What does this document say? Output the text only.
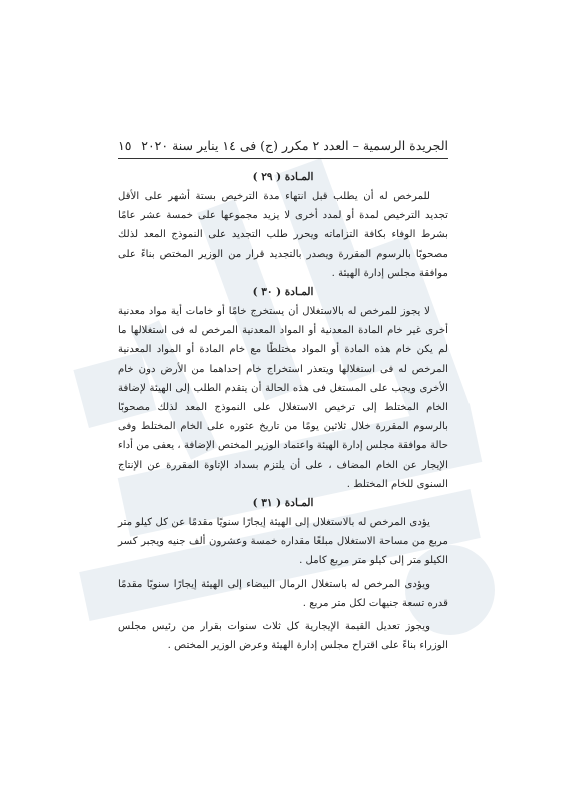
الجريدة الرسمية – العدد ٢ مكرر (ج) فى ١٤ يناير سنة ٢٠٢٠
١٥

المـادة ( ٢٩ )

للمرخص له أن يطلب قبل انتهاء مدة الترخيص بستة أشهر على الأقل تجديد الترخيص لمدة أو لمدد أخرى لا يزيد مجموعها على خمسة عشر عامًا بشرط الوفاء بكافة التزاماته ويحرر طلب التجديد على النموذج المعد لذلك مصحوبًا بالرسوم المقررة ويصدر بالتجديد قرار من الوزير المختص بناءً على موافقة مجلس إدارة الهيئة .

المـادة ( ٣٠ )

لا يجوز للمرخص له بالاستغلال أن يستخرج خامًا أو خامات أية مواد معدنية أخرى غير خام المادة المعدنية أو المواد المعدنية المرخص له فى استغلالها ما لم يكن خام هذه المادة أو المواد مختلطًا مع خام المادة أو المواد المعدنية المرخص له فى استغلالها ويتعذر استخراج خام إحداهما من الأرض دون خام الأخرى ويجب على المستغل فى هذه الحالة أن يتقدم الطلب إلى الهيئة لإضافة الخام المختلط إلى ترخيص الاستغلال على النموذج المعد لذلك مصحوبًا بالرسوم المقررة خلال ثلاثين يومًا من تاريخ عثوره على الخام المختلط وفى حالة موافقة مجلس إدارة الهيئة واعتماد الوزير المختص الإضافة ، يعفى من أداء الإيجار عن الخام المضاف ، على أن يلتزم بسداد الإتاوة المقررة عن الإنتاج السنوى للخام المختلط .

المـادة ( ٣١ )

يؤدى المرخص له بالاستغلال إلى الهيئة إيجارًا سنويًا مقدمًا عن كل كيلو متر مربع من مساحة الاستغلال مبلغًا مقداره خمسة وعشرون ألف جنيه ويجبر كسر الكيلو متر إلى كيلو متر مربع كامل .

ويؤدى المرخص له باستغلال الرمال البيضاء إلى الهيئة إيجارًا سنويًا مقدمًا قدره تسعة جنيهات لكل متر مربع .

ويجوز تعديل القيمة الإيجارية كل ثلاث سنوات بقرار من رئيس مجلس الوزراء بناءً على اقتراح مجلس إدارة الهيئة وعرض الوزير المختص .
